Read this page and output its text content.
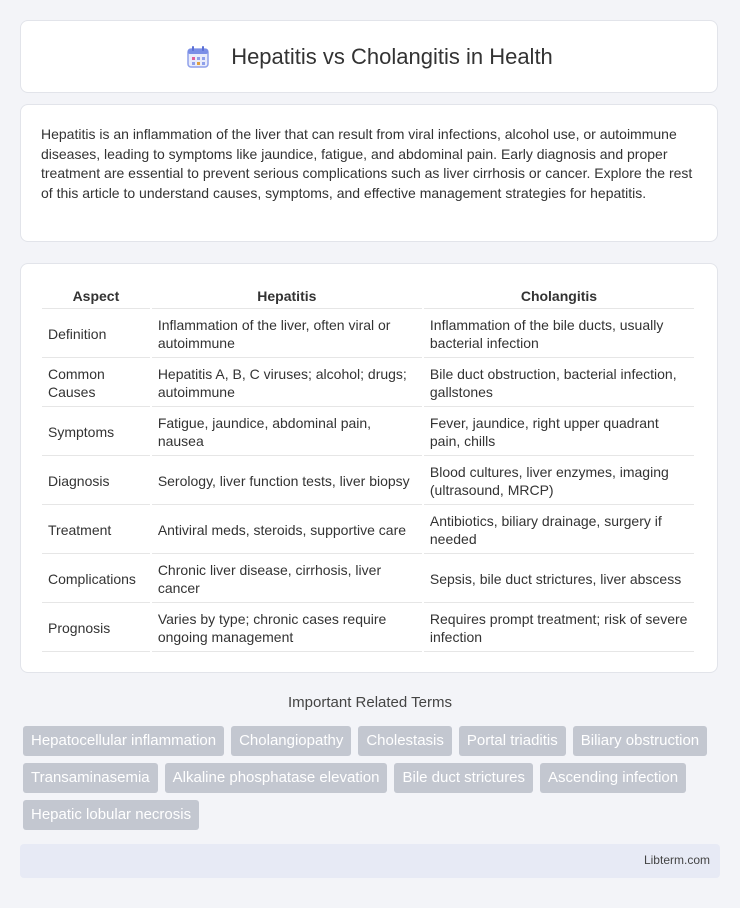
Hepatitis vs Cholangitis in Health

Hepatitis is an inflammation of the liver that can result from viral infections, alcohol use, or autoimmune diseases, leading to symptoms like jaundice, fatigue, and abdominal pain. Early diagnosis and proper treatment are essential to prevent serious complications such as liver cirrhosis or cancer. Explore the rest of this article to understand causes, symptoms, and effective management strategies for hepatitis.

Aspect	Hepatitis	Cholangitis
Definition	Inflammation of the liver, often viral or autoimmune	Inflammation of the bile ducts, usually bacterial infection
Common Causes	Hepatitis A, B, C viruses; alcohol; drugs; autoimmune	Bile duct obstruction, bacterial infection, gallstones
Symptoms	Fatigue, jaundice, abdominal pain, nausea	Fever, jaundice, right upper quadrant pain, chills
Diagnosis	Serology, liver function tests, liver biopsy	Blood cultures, liver enzymes, imaging (ultrasound, MRCP)
Treatment	Antiviral meds, steroids, supportive care	Antibiotics, biliary drainage, surgery if needed
Complications	Chronic liver disease, cirrhosis, liver cancer	Sepsis, bile duct strictures, liver abscess
Prognosis	Varies by type; chronic cases require ongoing management	Requires prompt treatment; risk of severe infection
Important Related Terms
Hepatocellular inflammation	Cholangiopathy	Cholestasis	Portal triaditis	Biliary obstruction
Transaminasemia	Alkaline phosphatase elevation	Bile duct strictures	Ascending infection
Hepatic lobular necrosis
Libterm.com
